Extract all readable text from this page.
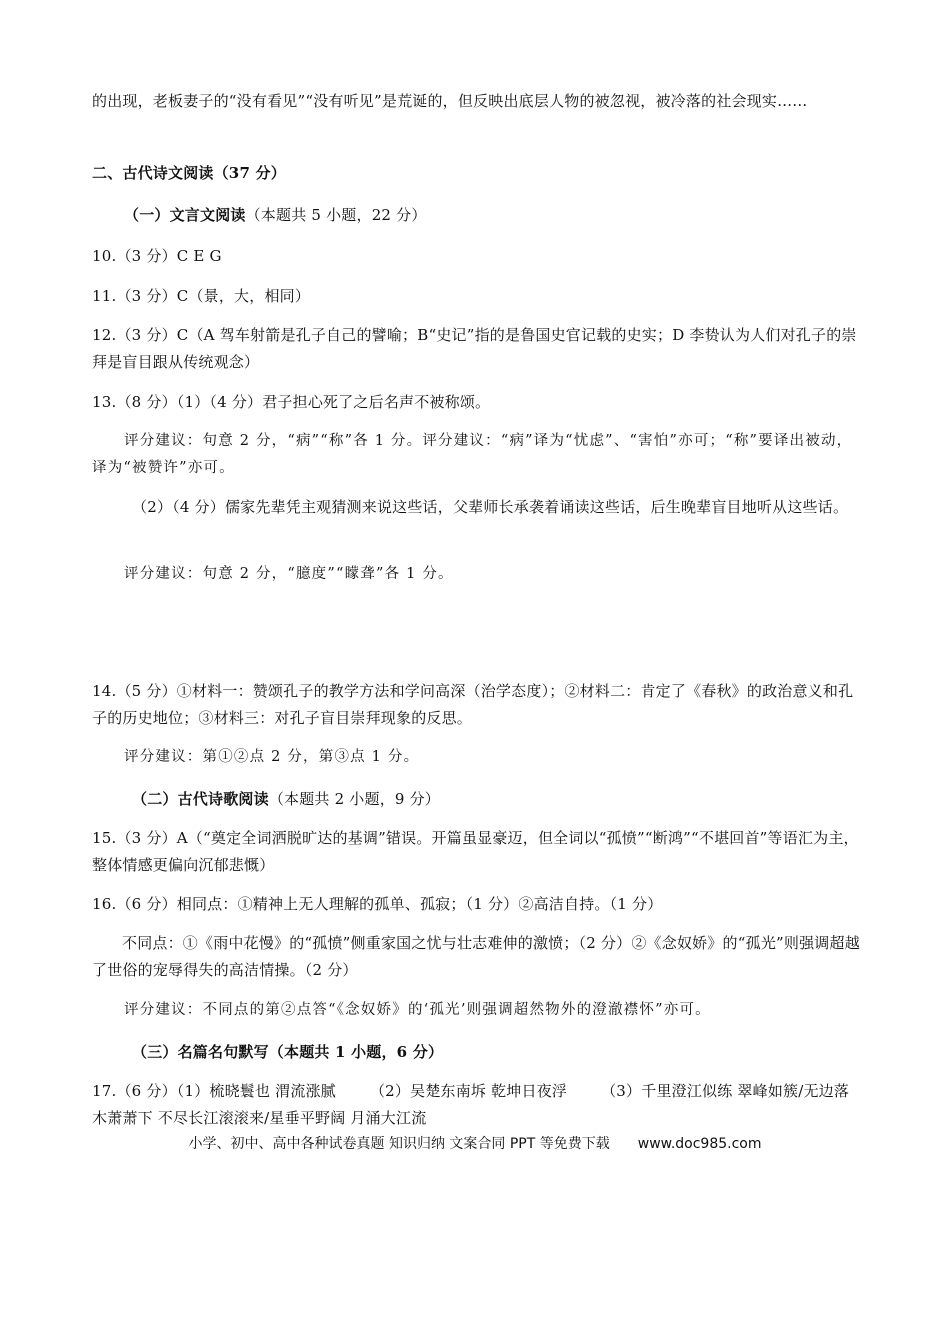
的出现，老板妻子的“没有看见”“没有听见”是荒诞的，但反映出底层人物的被忽视，被冷落的社会现实……

二、古代诗文阅读（37 分）

（一）文言文阅读（本题共 5 小题，22 分）

10.（3 分）C E G

11.（3 分）C（景，大，相同）

12.（3 分）C（A 驾车射箭是孔子自己的譬喻；B“史记”指的是鲁国史官记载的史实；D 李贽认为人们对孔子的崇拜是盲目跟从传统观念）

13.（8 分）（1）（4 分）君子担心死了之后名声不被称颂。

评分建议：句意 2 分，“病”“称”各 1 分。评分建议：“病”译为“忧虑”、“害怕”亦可；“称”要译出被动，译为“被赞许”亦可。

（2）（4 分）儒家先辈凭主观猜测来说这些话，父辈师长承袭着诵读这些话，后生晚辈盲目地听从这些话。

评分建议：句意 2 分，“臆度”“矇聋”各 1 分。

14.（5 分）①材料一：赞颂孔子的教学方法和学问高深（治学态度）；②材料二：肯定了《春秋》的政治意义和孔子的历史地位；③材料三：对孔子盲目崇拜现象的反思。

评分建议：第①②点 2 分，第③点 1 分。

（二）古代诗歌阅读（本题共 2 小题，9 分）

15.（3 分）A（“奠定全词洒脱旷达的基调”错误。开篇虽显豪迈，但全词以“孤愤”“断鸿”“不堪回首”等语汇为主，整体情感更偏向沉郁悲慨）

16.（6 分）相同点：①精神上无人理解的孤单、孤寂；（1 分）②高洁自持。（1 分）

不同点：①《雨中花慢》的“孤愤”侧重家国之忧与壮志难伸的激愤；（2 分）②《念奴娇》的“孤光”则强调超越了世俗的宠辱得失的高洁情操。（2 分）

评分建议：不同点的第②点答“《念奴娇》的‘孤光’则强调超然物外的澄澈襟怀”亦可。

（三）名篇名句默写（本题共 1 小题，6 分）

17.（6 分）（1）梳晓鬟也 渭流涨腻 （2）吴楚东南坼 乾坤日夜浮 （3）千里澄江似练 翠峰如簇/无边落木萧萧下 不尽长江滚滚来/星垂平野阔 月涌大江流

小学、初中、高中各种试卷真题 知识归纳 文案合同 PPT 等免费下载 www.doc985.com
